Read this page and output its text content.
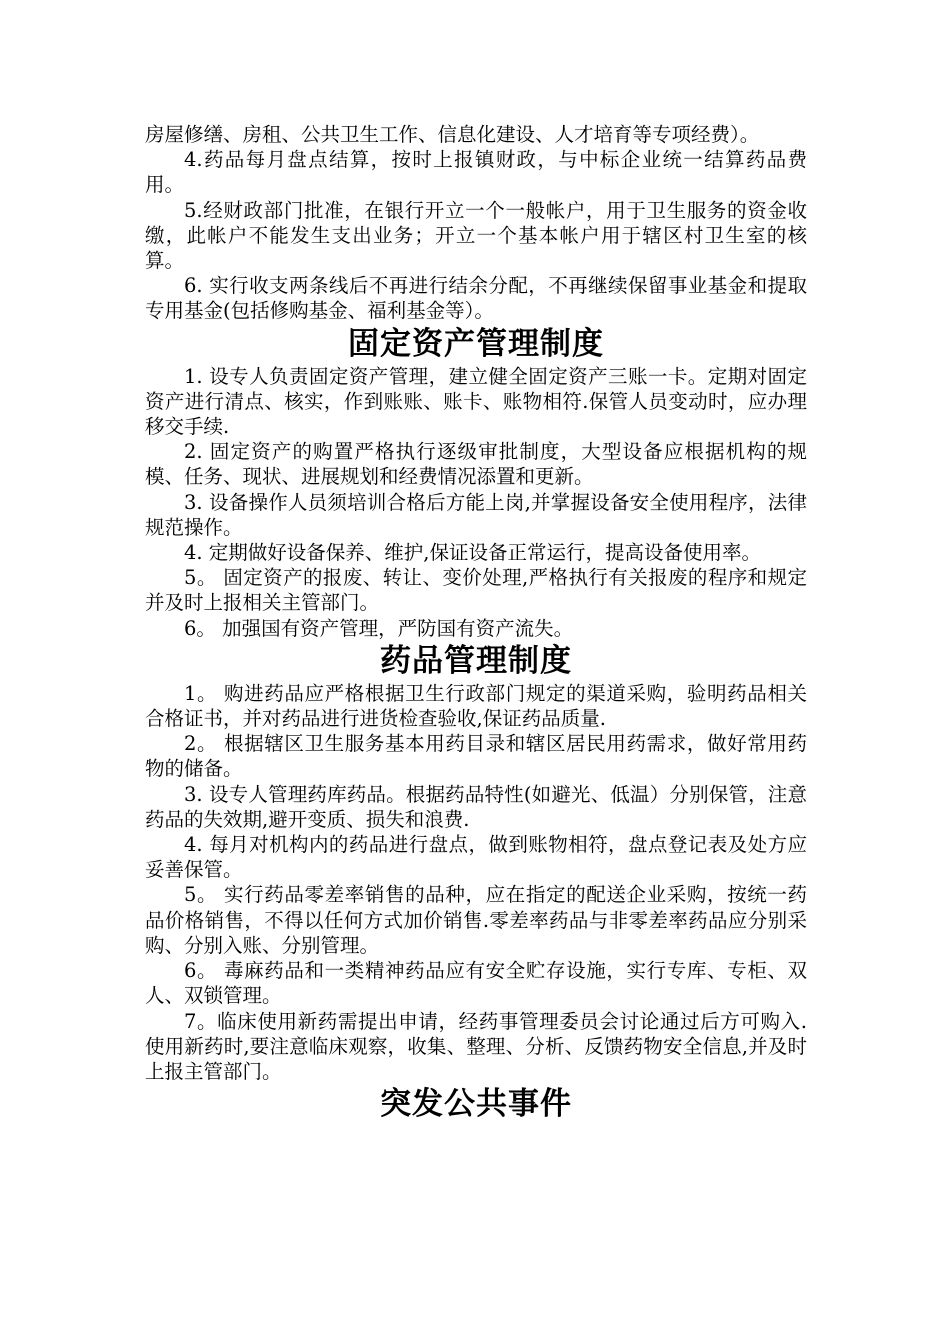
房屋修缮、房租、公共卫生工作、信息化建设、人才培育等专项经费）。

4.药品每月盘点结算，按时上报镇财政，与中标企业统一结算药品费用。

5.经财政部门批准，在银行开立一个一般帐户，用于卫生服务的资金收缴，此帐户不能发生支出业务；开立一个基本帐户用于辖区村卫生室的核算。

6. 实行收支两条线后不再进行结余分配，不再继续保留事业基金和提取专用基金(包括修购基金、福利基金等）。

固定资产管理制度

1. 设专人负责固定资产管理，建立健全固定资产三账一卡。定期对固定资产进行清点、核实，作到账账、账卡、账物相符.保管人员变动时，应办理移交手续.

2. 固定资产的购置严格执行逐级审批制度，大型设备应根据机构的规模、任务、现状、进展规划和经费情况添置和更新。

3. 设备操作人员须培训合格后方能上岗,并掌握设备安全使用程序，法律规范操作。

4. 定期做好设备保养、维护,保证设备正常运行，提高设备使用率。

5。 固定资产的报废、转让、变价处理,严格执行有关报废的程序和规定并及时上报相关主管部门。

6。 加强国有资产管理，严防国有资产流失。

药品管理制度

1。 购进药品应严格根据卫生行政部门规定的渠道采购，验明药品相关合格证书，并对药品进行进货检查验收,保证药品质量.

2。 根据辖区卫生服务基本用药目录和辖区居民用药需求，做好常用药物的储备。

3. 设专人管理药库药品。根据药品特性(如避光、低温）分别保管，注意药品的失效期,避开变质、损失和浪费.

4. 每月对机构内的药品进行盘点，做到账物相符，盘点登记表及处方应妥善保管。

5。 实行药品零差率销售的品种，应在指定的配送企业采购，按统一药品价格销售，不得以任何方式加价销售.零差率药品与非零差率药品应分别采购、分别入账、分别管理。

6。 毒麻药品和一类精神药品应有安全贮存设施，实行专库、专柜、双人、双锁管理。

7。临床使用新药需提出申请，经药事管理委员会讨论通过后方可购入.使用新药时,要注意临床观察，收集、整理、分析、反馈药物安全信息,并及时上报主管部门。

突发公共事件
